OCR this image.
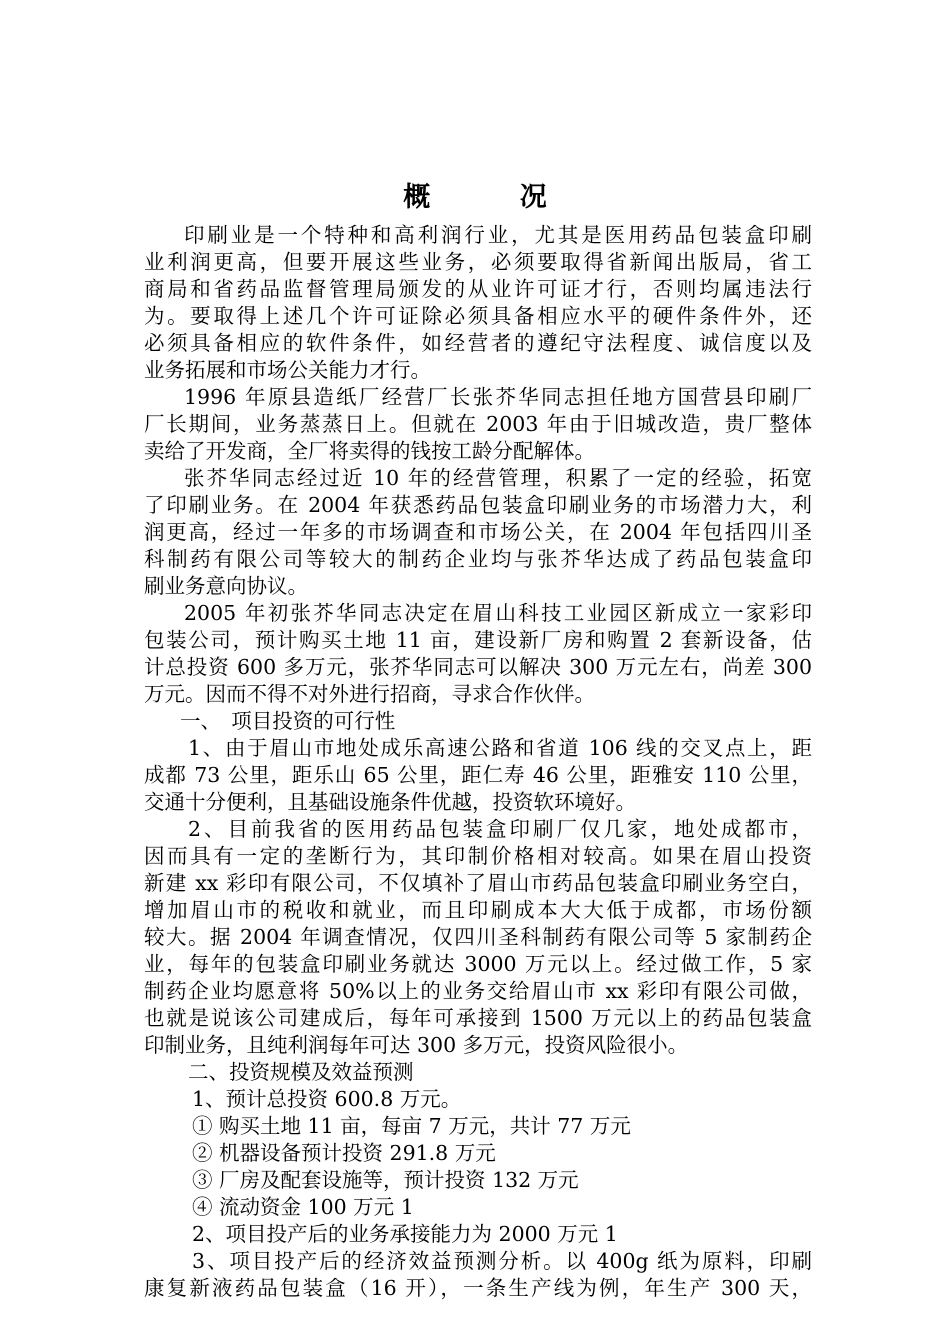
概 况
印刷业是一个特种和高利润行业，尤其是医用药品包装盒印刷
业利润更高，但要开展这些业务，必须要取得省新闻出版局，省工
商局和省药品监督管理局颁发的从业许可证才行，否则均属违法行
为。要取得上述几个许可证除必须具备相应水平的硬件条件外，还
必须具备相应的软件条件，如经营者的遵纪守法程度、诚信度以及
业务拓展和市场公关能力才行。
1996 年原县造纸厂经营厂长张芥华同志担任地方国营县印刷厂
厂长期间，业务蒸蒸日上。但就在 2003 年由于旧城改造，贵厂整体
卖给了开发商，全厂将卖得的钱按工龄分配解体。
张芥华同志经过近 10 年的经营管理，积累了一定的经验，拓宽
了印刷业务。在 2004 年获悉药品包装盒印刷业务的市场潜力大，利
润更高，经过一年多的市场调查和市场公关，在 2004 年包括四川圣
科制药有限公司等较大的制药企业均与张芥华达成了药品包装盒印
刷业务意向协议。
2005 年初张芥华同志决定在眉山科技工业园区新成立一家彩印
包装公司，预计购买土地 11 亩，建设新厂房和购置 2 套新设备，估
计总投资 600 多万元，张芥华同志可以解决 300 万元左右，尚差 300
万元。因而不得不对外进行招商，寻求合作伙伴。
一、　项目投资的可行性
1、由于眉山市地处成乐高速公路和省道 106 线的交叉点上，距
成都 73 公里，距乐山 65 公里，距仁寿 46 公里，距雅安 110 公里，
交通十分便利，且基础设施条件优越，投资软环境好。
2、目前我省的医用药品包装盒印刷厂仅几家，地处成都市，
因而具有一定的垄断行为，其印制价格相对较高。如果在眉山投资
新建 xx 彩印有限公司，不仅填补了眉山市药品包装盒印刷业务空白，
增加眉山市的税收和就业，而且印刷成本大大低于成都，市场份额
较大。据 2004 年调查情况，仅四川圣科制药有限公司等 5 家制药企
业，每年的包装盒印刷业务就达 3000 万元以上。经过做工作，5 家
制药企业均愿意将 50%以上的业务交给眉山市 xx 彩印有限公司做，
也就是说该公司建成后，每年可承接到 1500 万元以上的药品包装盒
印制业务，且纯利润每年可达 300 多万元，投资风险很小。
二、投资规模及效益预测
1、预计总投资 600.8 万元。
① 购买土地 11 亩，每亩 7 万元，共计 77 万元
② 机器设备预计投资 291.8 万元
③ 厂房及配套设施等，预计投资 132 万元
④ 流动资金 100 万元 1
2、项目投产后的业务承接能力为 2000 万元 1
3、项目投产后的经济效益预测分析。以 400g 纸为原料，印刷
康复新液药品包装盒（16 开），一条生产线为例，年生产 300 天，
